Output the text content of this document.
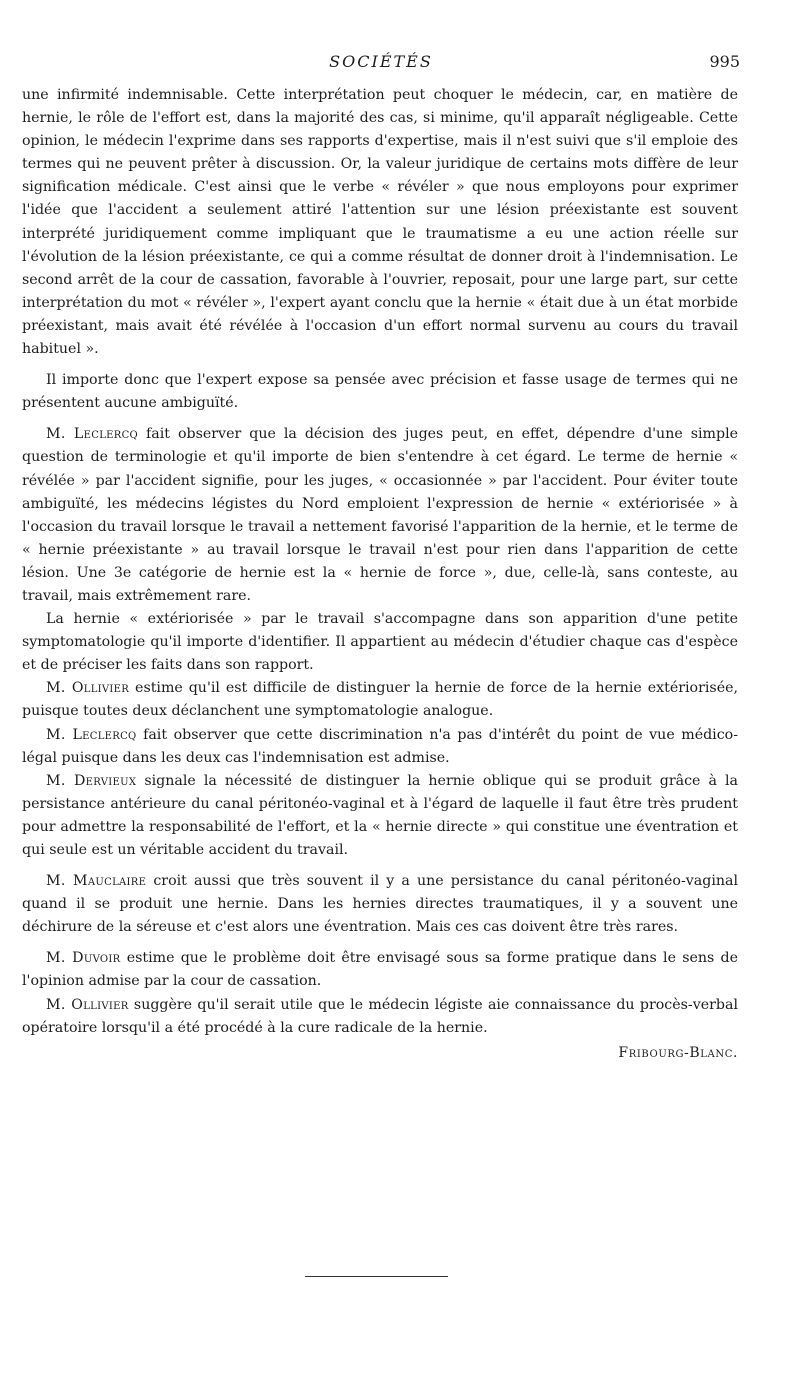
SOCIÉTÉS	995

une infirmité indemnisable. Cette interprétation peut choquer le médecin, car, en matière de hernie, le rôle de l'effort est, dans la majorité des cas, si minime, qu'il apparaît négligeable. Cette opinion, le médecin l'exprime dans ses rapports d'expertise, mais il n'est suivi que s'il emploie des termes qui ne peuvent prêter à discussion. Or, la valeur juridique de certains mots diffère de leur signification médicale. C'est ainsi que le verbe « révéler » que nous employons pour exprimer l'idée que l'accident a seulement attiré l'attention sur une lésion préexistante est souvent interprété juridiquement comme impliquant que le traumatisme a eu une action réelle sur l'évolution de la lésion préexistante, ce qui a comme résultat de donner droit à l'indemnisation. Le second arrêt de la cour de cassation, favorable à l'ouvrier, reposait, pour une large part, sur cette interprétation du mot « révéler », l'expert ayant conclu que la hernie « était due à un état morbide préexistant, mais avait été révélée à l'occasion d'un effort normal survenu au cours du travail habituel ».

Il importe donc que l'expert expose sa pensée avec précision et fasse usage de termes qui ne présentent aucune ambiguïté.

M. Leclercq fait observer que la décision des juges peut, en effet, dépendre d'une simple question de terminologie et qu'il importe de bien s'entendre à cet égard. Le terme de hernie « révélée » par l'accident signifie, pour les juges, « occasionnée » par l'accident. Pour éviter toute ambiguïté, les médecins légistes du Nord emploient l'expression de hernie « extériorisée » à l'occasion du travail lorsque le travail a nettement favorisé l'apparition de la hernie, et le terme de « hernie préexistante » au travail lorsque le travail n'est pour rien dans l'apparition de cette lésion. Une 3e catégorie de hernie est la « hernie de force », due, celle-là, sans conteste, au travail, mais extrêmement rare.

La hernie « extériorisée » par le travail s'accompagne dans son apparition d'une petite symptomatologie qu'il importe d'identifier. Il appartient au médecin d'étudier chaque cas d'espèce et de préciser les faits dans son rapport.

M. Ollivier estime qu'il est difficile de distinguer la hernie de force de la hernie extériorisée, puisque toutes deux déclanchent une symptomatologie analogue.

M. Leclercq fait observer que cette discrimination n'a pas d'intérêt du point de vue médico-légal puisque dans les deux cas l'indemnisation est admise.

M. Dervieux signale la nécessité de distinguer la hernie oblique qui se produit grâce à la persistance antérieure du canal péritonéo-vaginal et à l'égard de laquelle il faut être très prudent pour admettre la responsabilité de l'effort, et la « hernie directe » qui constitue une éventration et qui seule est un véritable accident du travail.

M. Mauclaire croit aussi que très souvent il y a une persistance du canal péritonéo-vaginal quand il se produit une hernie. Dans les hernies directes traumatiques, il y a souvent une déchirure de la séreuse et c'est alors une éventration. Mais ces cas doivent être très rares.

M. Duvoir estime que le problème doit être envisagé sous sa forme pratique dans le sens de l'opinion admise par la cour de cassation.

M. Ollivier suggère qu'il serait utile que le médecin légiste aie connaissance du procès-verbal opératoire lorsqu'il a été procédé à la cure radicale de la hernie.

Fribourg-Blanc.
